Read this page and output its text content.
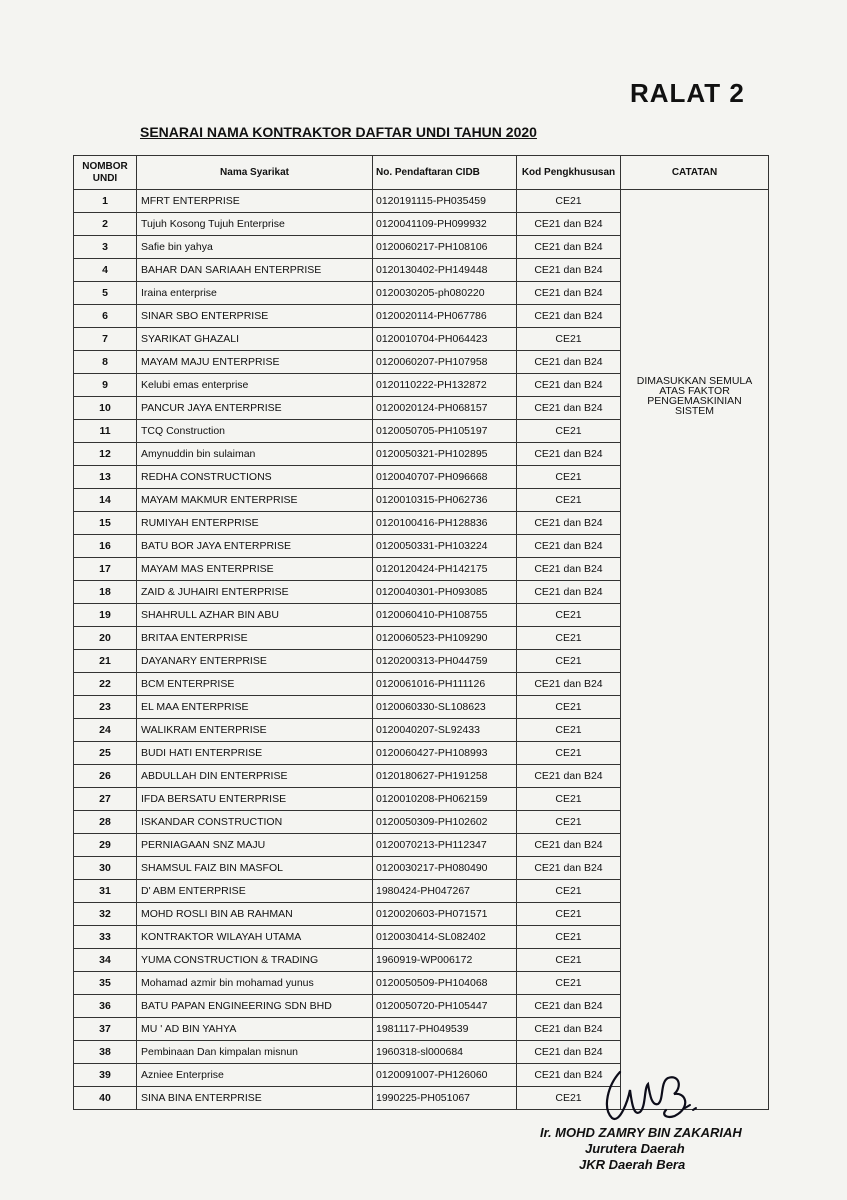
RALAT 2
SENARAI NAMA KONTRAKTOR DAFTAR UNDI TAHUN 2020
NOMBOR UNDI	Nama Syarikat	No. Pendaftaran CIDB	Kod Pengkhususan	CATATAN
1	MFRT ENTERPRISE	0120191115-PH035459	CE21	DIMASUKKAN SEMULA ATAS FAKTOR PENGEMASKINIAN SISTEM

2	Tujuh Kosong Tujuh Enterprise	0120041109-PH099932	CE21 dan B24	
3	Safie bin yahya	0120060217-PH108106	CE21 dan B24	
4	BAHAR DAN SARIAAH ENTERPRISE	0120130402-PH149448	CE21 dan B24	
5	Iraina enterprise	0120030205-ph080220	CE21 dan B24	
6	SINAR SBO ENTERPRISE	0120020114-PH067786	CE21 dan B24	
7	SYARIKAT GHAZALI	0120010704-PH064423	CE21	
8	MAYAM MAJU ENTERPRISE	0120060207-PH107958	CE21 dan B24	
9	Kelubi emas enterprise	0120110222-PH132872	CE21 dan B24	
10	PANCUR JAYA ENTERPRISE	0120020124-PH068157	CE21 dan B24	
11	TCQ Construction	0120050705-PH105197	CE21	
12	Amynuddin bin sulaiman	0120050321-PH102895	CE21 dan B24	
13	REDHA CONSTRUCTIONS	0120040707-PH096668	CE21	
14	MAYAM MAKMUR ENTERPRISE	0120010315-PH062736	CE21	
15	RUMIYAH ENTERPRISE	0120100416-PH128836	CE21 dan B24	
16	BATU BOR JAYA ENTERPRISE	0120050331-PH103224	CE21 dan B24	
17	MAYAM MAS ENTERPRISE	0120120424-PH142175	CE21 dan B24	
18	ZAID & JUHAIRI ENTERPRISE	0120040301-PH093085	CE21 dan B24	
19	SHAHRULL AZHAR BIN ABU	0120060410-PH108755	CE21	
20	BRITAA ENTERPRISE	0120060523-PH109290	CE21	
21	DAYANARY ENTERPRISE	0120200313-PH044759	CE21	
22	BCM ENTERPRISE	0120061016-PH111126	CE21 dan B24	
23	EL MAA ENTERPRISE	0120060330-SL108623	CE21	
24	WALIKRAM ENTERPRISE	0120040207-SL92433	CE21	
25	BUDI HATI ENTERPRISE	0120060427-PH108993	CE21	
26	ABDULLAH DIN ENTERPRISE	0120180627-PH191258	CE21 dan B24	
27	IFDA BERSATU ENTERPRISE	0120010208-PH062159	CE21	
28	ISKANDAR CONSTRUCTION	0120050309-PH102602	CE21	
29	PERNIAGAAN SNZ MAJU	0120070213-PH112347	CE21 dan B24	
30	SHAMSUL FAIZ BIN MASFOL	0120030217-PH080490	CE21 dan B24	
31	D' ABM ENTERPRISE	1980424-PH047267	CE21	
32	MOHD ROSLI BIN AB RAHMAN	0120020603-PH071571	CE21	
33	KONTRAKTOR WILAYAH UTAMA	0120030414-SL082402	CE21	
34	YUMA CONSTRUCTION & TRADING	1960919-WP006172	CE21	
35	Mohamad azmir bin mohamad yunus	0120050509-PH104068	CE21	
36	BATU PAPAN ENGINEERING SDN BHD	0120050720-PH105447	CE21 dan B24	
37	MU ' AD BIN YAHYA	1981117-PH049539	CE21 dan B24	
38	Pembinaan Dan kimpalan misnun	1960318-sl000684	CE21 dan B24	
39	Azniee Enterprise	0120091007-PH126060	CE21 dan B24	
40	SINA BINA ENTERPRISE	1990225-PH051067	CE21	
Ir. MOHD ZAMRY BIN ZAKARIAH
Jurutera Daerah
JKR Daerah Bera
